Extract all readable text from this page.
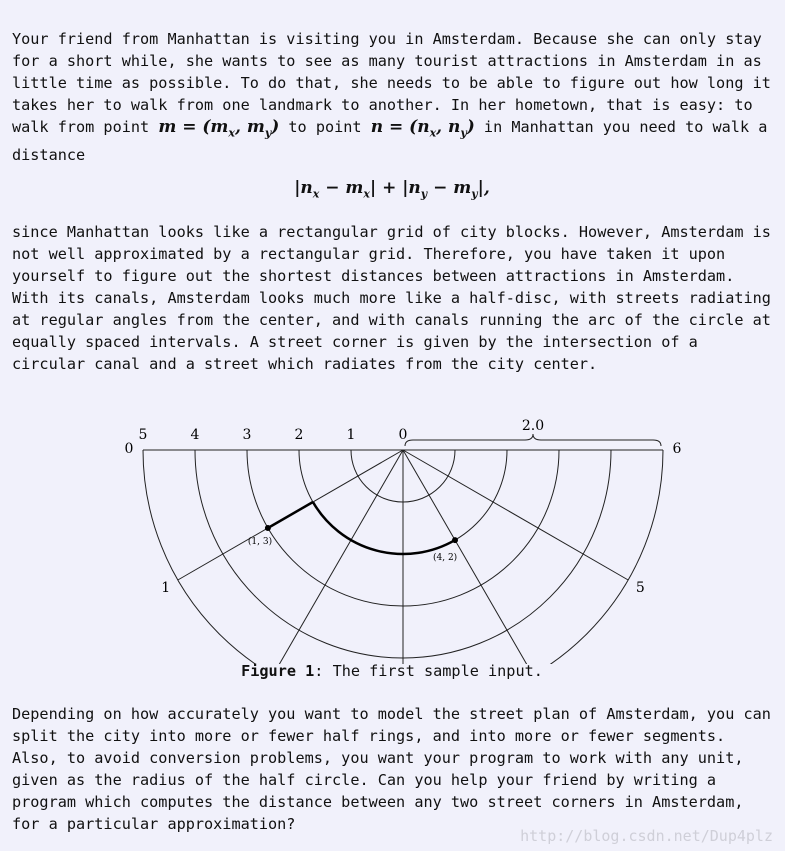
Your friend from Manhattan is visiting you in Amsterdam. Because she can only stay for a short while, she wants to see as many tourist attractions in Amsterdam in as little time as possible. To do that, she needs to be able to figure out how long it takes her to walk from one landmark to another. In her hometown, that is easy: to walk from point $m = (m_x$, $m_y$) to point $n = (n_x$, $n_y$) in Manhattan you need to walk a distance

$|n_x - m_x| + |n_y - m_y|$,

since Manhattan looks like a rectangular grid of city blocks. However, Amsterdam is not well approximated by a rectangular grid. Therefore, you have taken it upon yourself to figure out the shortest distances between attractions in Amsterdam. With its canals, Amsterdam looks much more like a half-disc, with streets radiating at regular angles from the center, and with canals running the arc of the circle at equally spaced intervals. A street corner is given by the intersection of a circular canal and a street which radiates from the city center.

(1, 3)
(4, 2)
5	4	3	2	1	0
0
1	5
6
2.0
Figure 1: The first sample input.

Depending on how accurately you want to model the street plan of Amsterdam, you can split the city into more or fewer half rings, and into more or fewer segments. Also, to avoid conversion problems, you want your program to work with any unit, given as the radius of the half circle. Can you help your friend by writing a program which computes the distance between any two street corners in Amsterdam, for a particular approximation?

http://blog.csdn.net/Dup4plz
